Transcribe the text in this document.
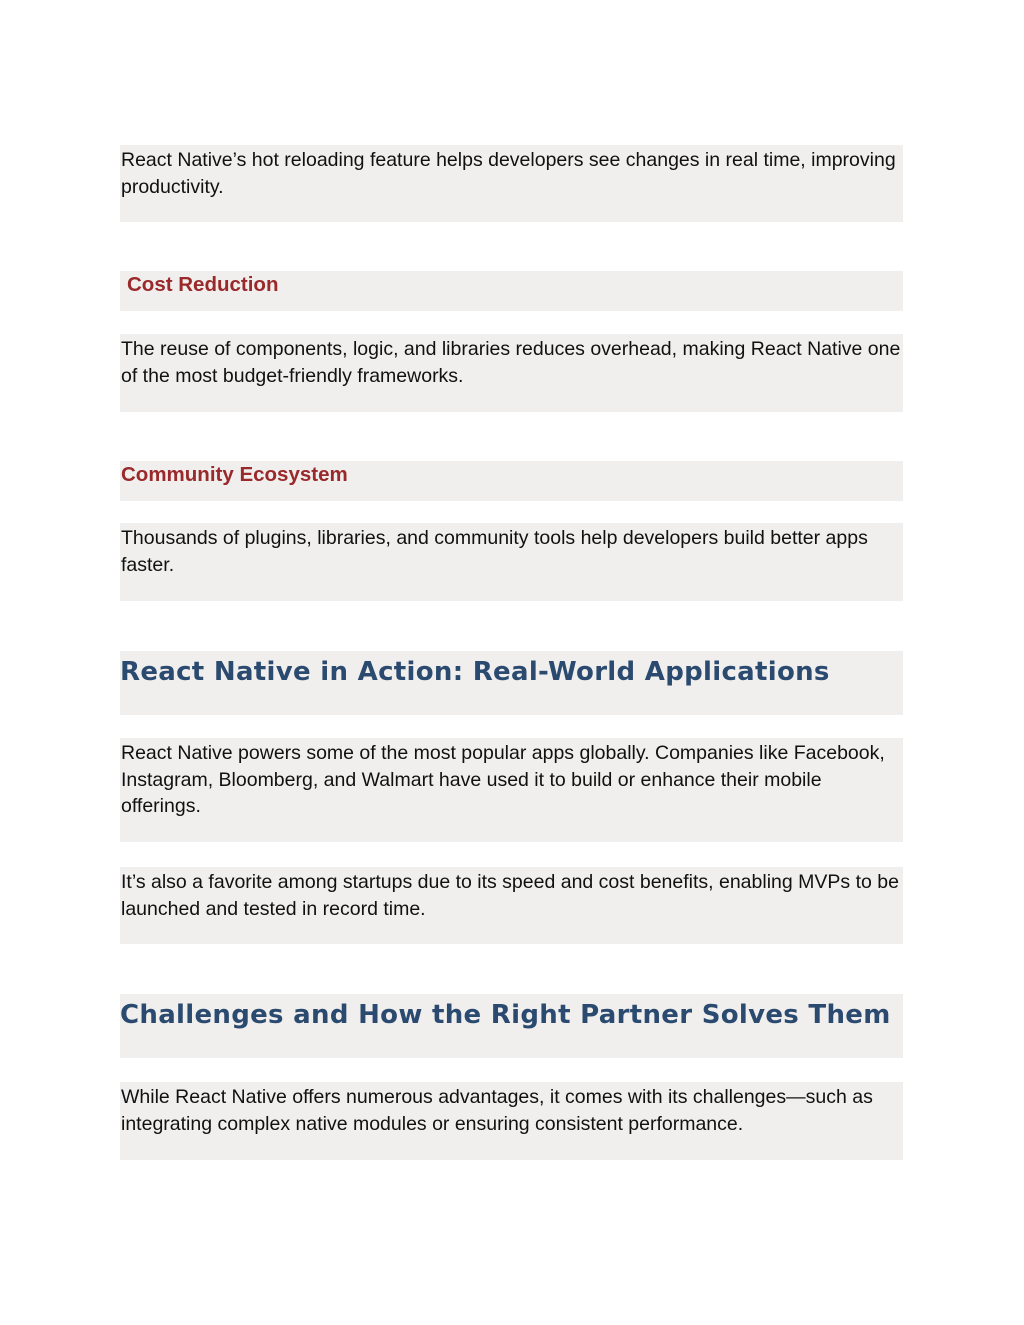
React Native’s hot reloading feature helps developers see changes in real time, improving productivity.

Cost Reduction

The reuse of components, logic, and libraries reduces overhead, making React Native one of the most budget-friendly frameworks.

Community Ecosystem

Thousands of plugins, libraries, and community tools help developers build better apps faster.

React Native in Action: Real-World Applications

React Native powers some of the most popular apps globally. Companies like Facebook, Instagram, Bloomberg, and Walmart have used it to build or enhance their mobile offerings.

It’s also a favorite among startups due to its speed and cost benefits, enabling MVPs to be launched and tested in record time.

Challenges and How the Right Partner Solves Them

While React Native offers numerous advantages, it comes with its challenges—such as integrating complex native modules or ensuring consistent performance.
